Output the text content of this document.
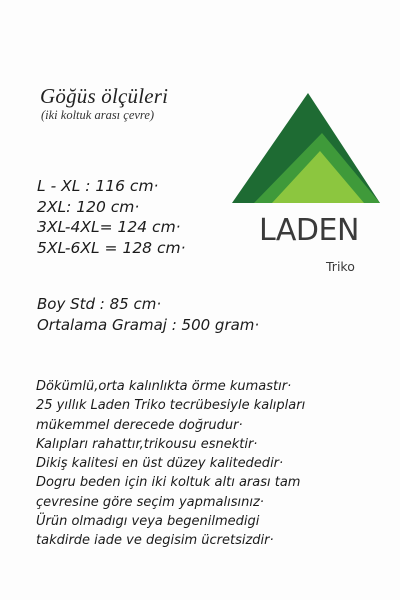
Göğüs ölçüleri
(iki koltuk arası çevre)
L - XL : 116 cm·
2XL: 120 cm·
3XL-4XL= 124 cm·
5XL-6XL = 128 cm· LADEN
Triko
Boy Std : 85 cm·
Ortalama Gramaj : 500 gram·
Dökümlü,orta kalınlıkta örme kumastır·
25 yıllık Laden Triko tecrübesiyle kalıpları
mükemmel derecede doğrudur·
Kalıpları rahattır,trikousu esnektir·
Dikiş kalitesi en üst düzey kalitededir·
Dogru beden için iki koltuk altı arası tam
çevresine göre seçim yapmalısınız·
Ürün olmadıgı veya begenilmedigi
takdirde iade ve degisim ücretsizdir·
